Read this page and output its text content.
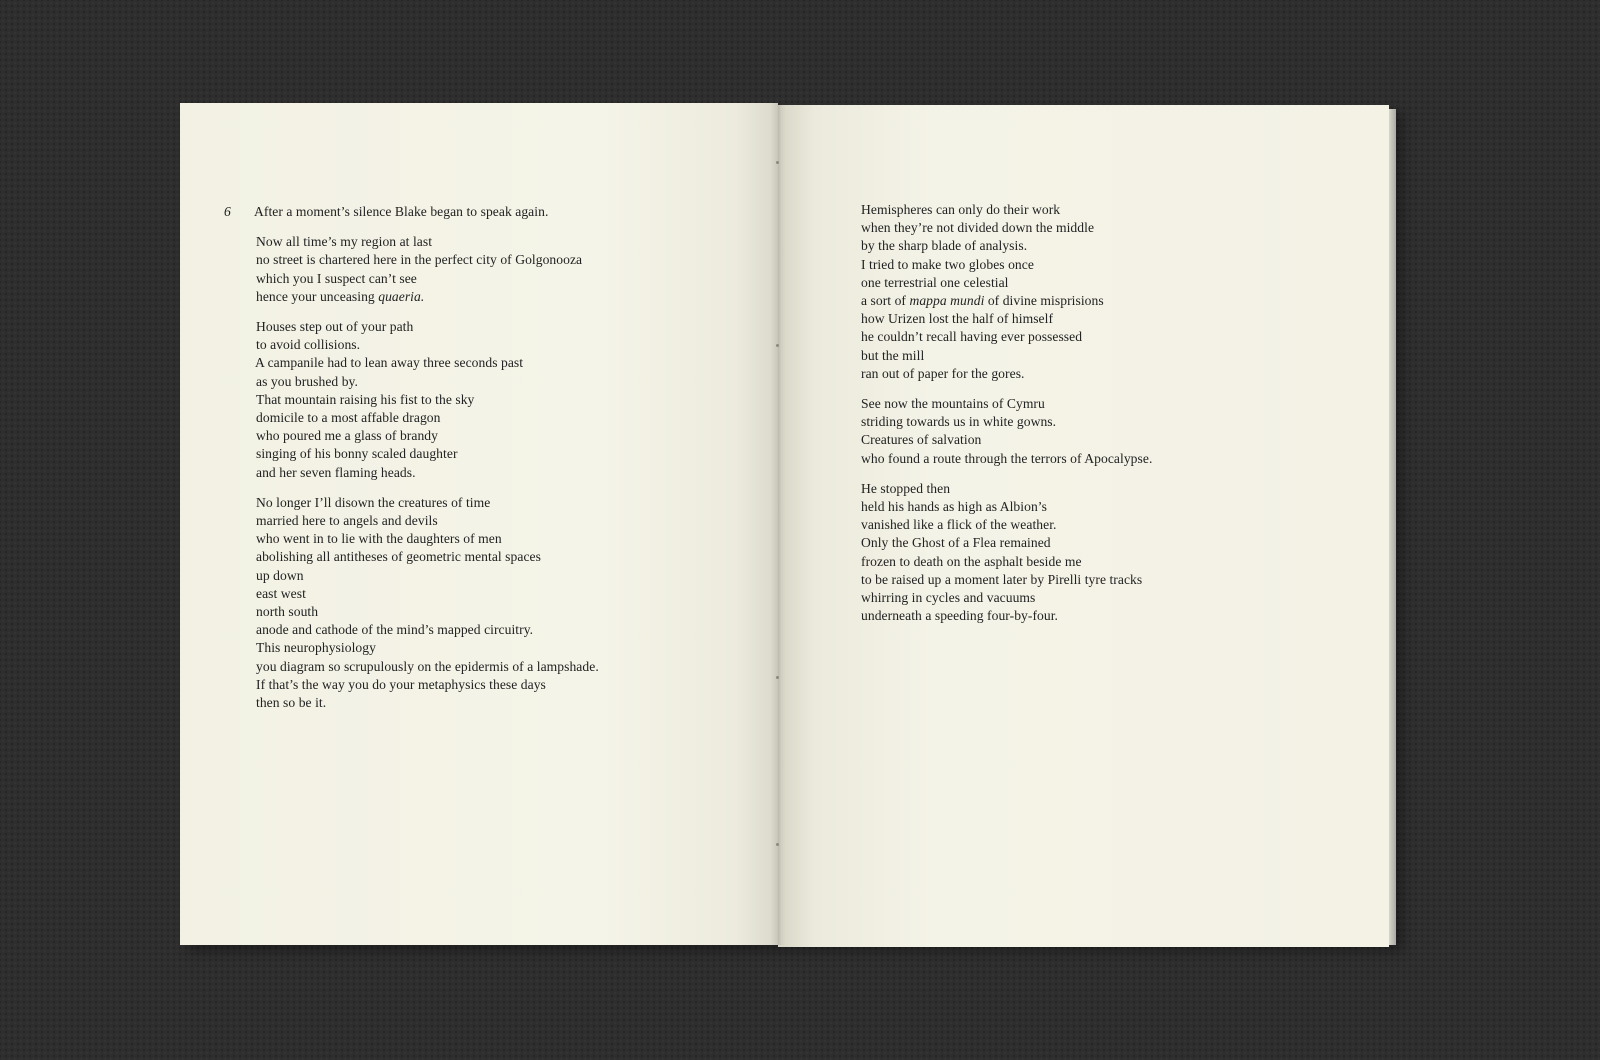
6 After a moment’s silence Blake began to speak again.

Now all time’s my region at last

no street is chartered here in the perfect city of Golgonooza

which you I suspect can’t see

hence your unceasing quaeria.

Houses step out of your path

to avoid collisions.

A campanile had to lean away three seconds past

as you brushed by.

That mountain raising his fist to the sky

domicile to a most affable dragon

who poured me a glass of brandy

singing of his bonny scaled daughter

and her seven flaming heads.

No longer I’ll disown the creatures of time

married here to angels and devils

who went in to lie with the daughters of men

abolishing all antitheses of geometric mental spaces

up down

east west

north south

anode and cathode of the mind’s mapped circuitry.

This neurophysiology

you diagram so scrupulously on the epidermis of a lampshade.

If that’s the way you do your metaphysics these days

then so be it.

Hemispheres can only do their work

when they’re not divided down the middle

by the sharp blade of analysis.

I tried to make two globes once

one terrestrial one celestial

a sort of mappa mundi of divine misprisions

how Urizen lost the half of himself

he couldn’t recall having ever possessed

but the mill

ran out of paper for the gores.

See now the mountains of Cymru

striding towards us in white gowns.

Creatures of salvation

who found a route through the terrors of Apocalypse.

He stopped then

held his hands as high as Albion’s

vanished like a flick of the weather.

Only the Ghost of a Flea remained

frozen to death on the asphalt beside me

to be raised up a moment later by Pirelli tyre tracks

whirring in cycles and vacuums

underneath a speeding four-by-four.
